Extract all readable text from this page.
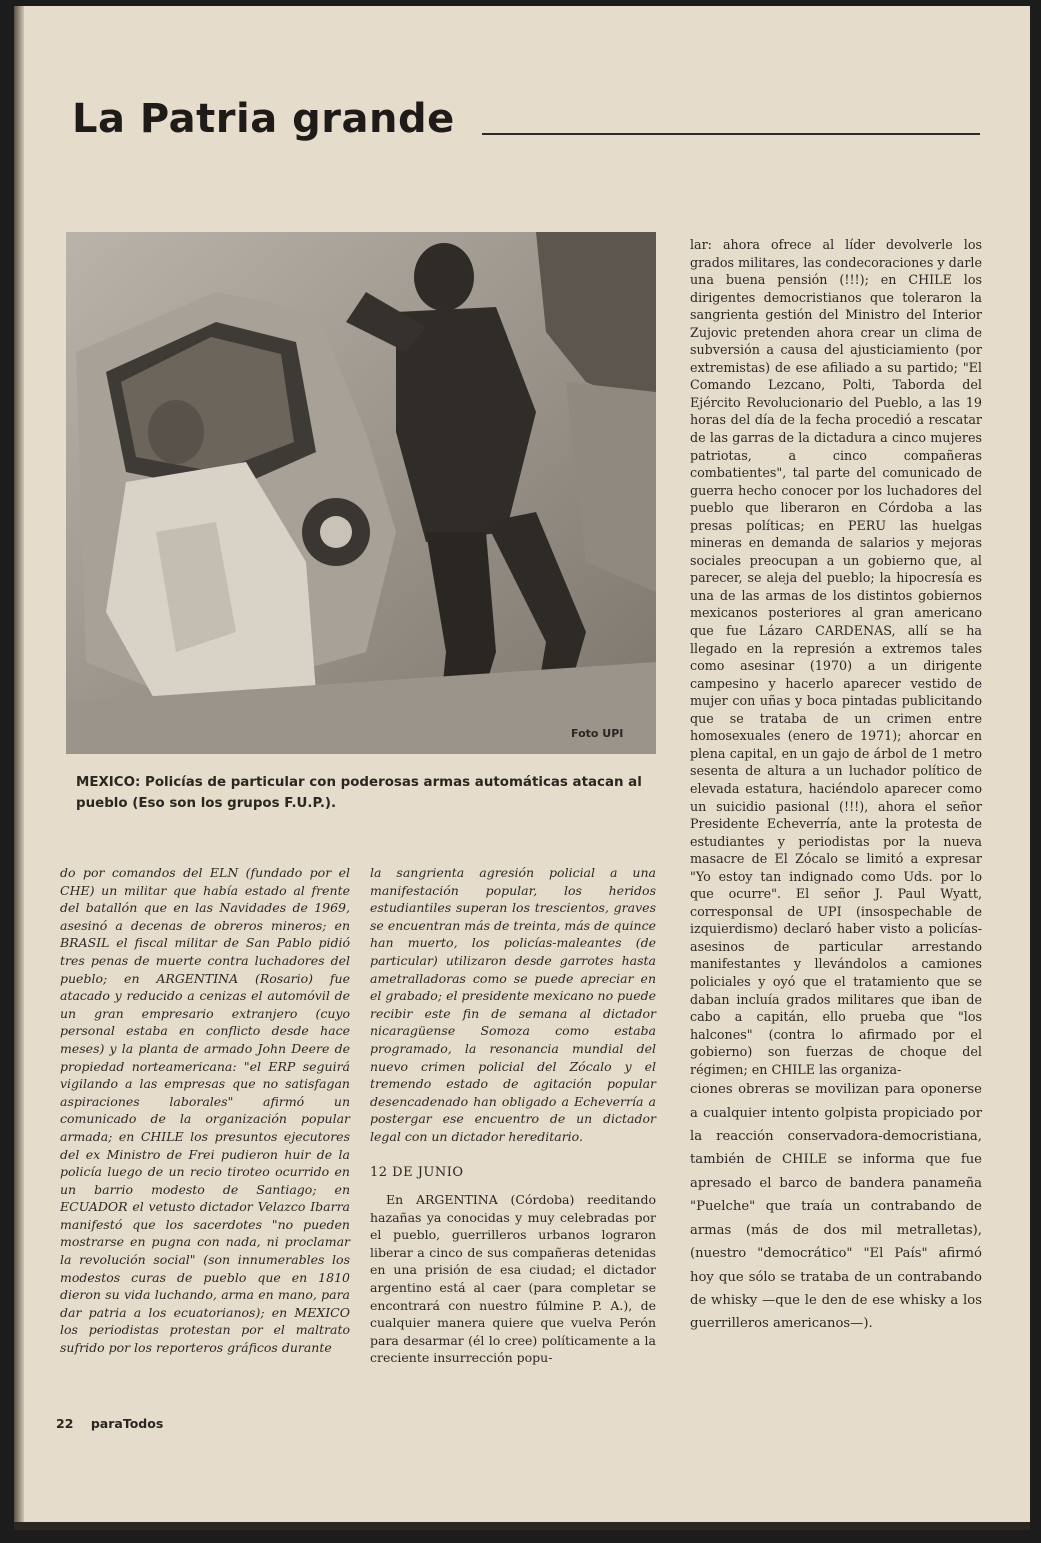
La Patria grande
Foto UPI
MEXICO: Policías de particular con poderosas armas automáticas atacan al pueblo (Eso son los grupos F.U.P.).

do por comandos del ELN (fundado por el CHE) un militar que había estado al frente del batallón que en las Navidades de 1969, asesinó a decenas de obreros mineros; en BRASIL el fiscal militar de San Pablo pidió tres penas de muerte contra luchadores del pueblo; en ARGENTINA (Rosario) fue atacado y reducido a cenizas el automóvil de un gran empresario extranjero (cuyo personal estaba en conflicto desde hace meses) y la planta de armado John Deere de propiedad norteamericana: "el ERP seguirá vigilando a las empresas que no satisfagan aspiraciones laborales" afirmó un comunicado de la organización popular armada; en CHILE los presuntos ejecutores del ex Ministro de Frei pudieron huir de la policía luego de un recio tiroteo ocurrido en un barrio modesto de Santiago; en ECUADOR el vetusto dictador Velazco Ibarra manifestó que los sacerdotes "no pueden mostrarse en pugna con nada, ni proclamar la revolución social" (son innumerables los modestos curas de pueblo que en 1810 dieron su vida luchando, arma en mano, para dar patria a los ecuatorianos); en MEXICO los periodistas protestan por el maltrato sufrido por los reporteros gráficos durante

la sangrienta agresión policial a una manifestación popular, los heridos estudiantiles superan los trescientos, graves se encuentran más de treinta, más de quince han muerto, los policías-maleantes (de particular) utilizaron desde garrotes hasta ametralladoras como se puede apreciar en el grabado; el presidente mexicano no puede recibir este fin de semana al dictador nicaragüense Somoza como estaba programado, la resonancia mundial del nuevo crimen policial del Zócalo y el tremendo estado de agitación popular desencadenado han obligado a Echeverría a postergar ese encuentro de un dictador legal con un dictador hereditario.

12 DE JUNIO

En ARGENTINA (Córdoba) reeditando hazañas ya conocidas y muy celebradas por el pueblo, guerrilleros urbanos lograron liberar a cinco de sus compañeras detenidas en una prisión de esa ciudad; el dictador argentino está al caer (para completar se encontrará con nuestro fúlmine P. A.), de cualquier manera quiere que vuelva Perón para desarmar (él lo cree) políticamente a la creciente insurrección popu-

lar: ahora ofrece al líder devolverle los grados militares, las condecoraciones y darle una buena pensión (!!!); en CHILE los dirigentes democristianos que toleraron la sangrienta gestión del Ministro del Interior Zujovic pretenden ahora crear un clima de subversión a causa del ajusticiamiento (por extremistas) de ese afiliado a su partido; "El Comando Lezcano, Polti, Taborda del Ejército Revolucionario del Pueblo, a las 19 horas del día de la fecha procedió a rescatar de las garras de la dictadura a cinco mujeres patriotas, a cinco compañeras combatientes", tal parte del comunicado de guerra hecho conocer por los luchadores del pueblo que liberaron en Córdoba a las presas políticas; en PERU las huelgas mineras en demanda de salarios y mejoras sociales preocupan a un gobierno que, al parecer, se aleja del pueblo; la hipocresía es una de las armas de los distintos gobiernos mexicanos posteriores al gran americano que fue Lázaro CARDENAS, allí se ha llegado en la represión a extremos tales como asesinar (1970) a un dirigente campesino y hacerlo aparecer vestido de mujer con uñas y boca pintadas publicitando que se trataba de un crimen entre homosexuales (enero de 1971); ahorcar en plena capital, en un gajo de árbol de 1 metro sesenta de altura a un luchador político de elevada estatura, haciéndolo aparecer como un suicidio pasional (!!!), ahora el señor Presidente Echeverría, ante la protesta de estudiantes y periodistas por la nueva masacre de El Zócalo se limitó a expresar "Yo estoy tan indignado como Uds. por lo que ocurre". El señor J. Paul Wyatt, corresponsal de UPI (insospechable de izquierdismo) declaró haber visto a policías-asesinos de particular arrestando manifestantes y llevándolos a camiones policiales y oyó que el tratamiento que se daban incluía grados militares que iban de cabo a capitán, ello prueba que "los halcones" (contra lo afirmado por el gobierno) son fuerzas de choque del régimen; en CHILE las organiza-

ciones obreras se movilizan para oponerse a cualquier intento golpista propiciado por la reacción conservadora-democristiana, también de CHILE se informa que fue apresado el barco de bandera panameña "Puelche" que traía un contrabando de armas (más de dos mil metralletas), (nuestro "democrático" "El País" afirmó hoy que sólo se trataba de un contrabando de whisky —que le den de ese whisky a los guerrilleros americanos—).

22 paraTodos
